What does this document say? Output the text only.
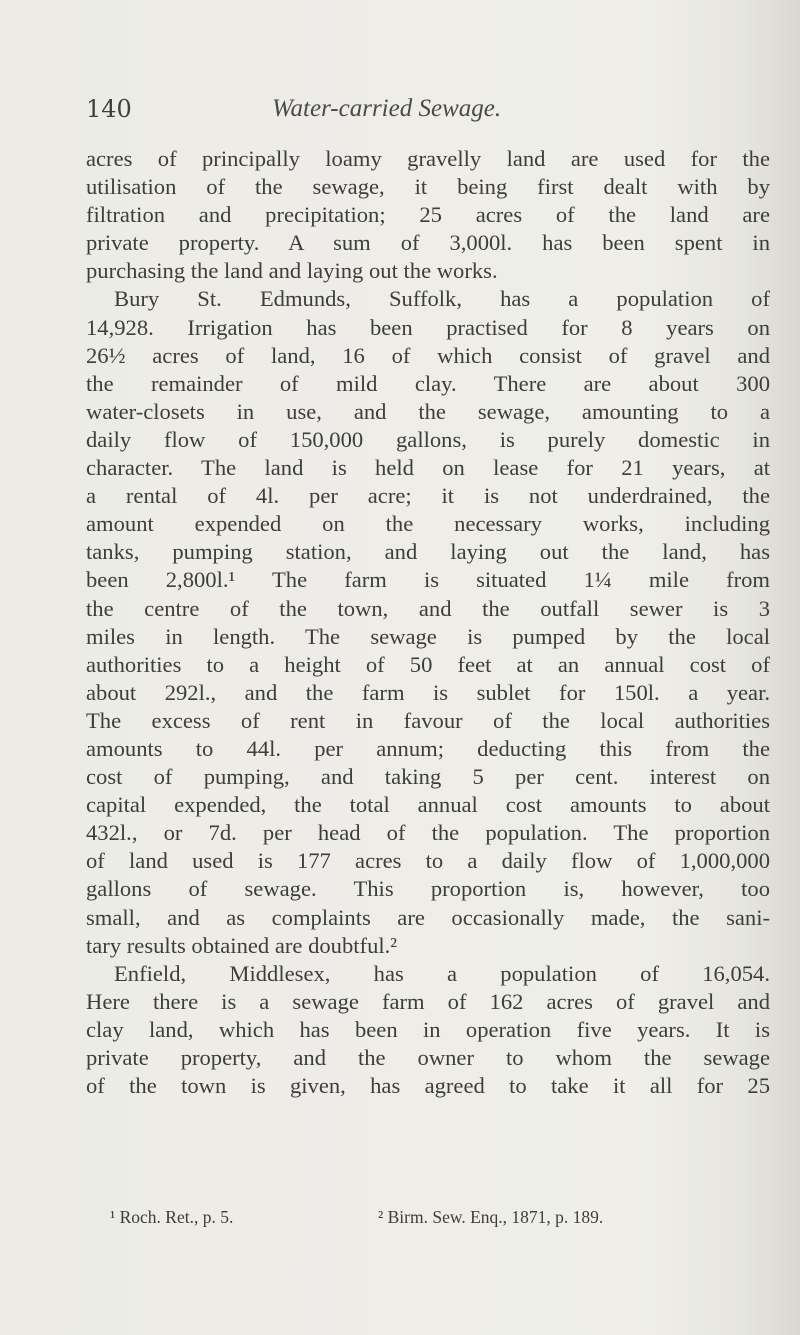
140	Water-carried Sewage.
acres of principally loamy gravelly land are used for the
utilisation of the sewage, it being first dealt with by
filtration and precipitation; 25 acres of the land are
private property. A sum of 3,000l. has been spent in
purchasing the land and laying out the works.
Bury St. Edmunds, Suffolk, has a population of
14,928. Irrigation has been practised for 8 years on
26½ acres of land, 16 of which consist of gravel and
the remainder of mild clay. There are about 300
water-closets in use, and the sewage, amounting to a
daily flow of 150,000 gallons, is purely domestic in
character. The land is held on lease for 21 years, at
a rental of 4l. per acre; it is not underdrained, the
amount expended on the necessary works, including
tanks, pumping station, and laying out the land, has
been 2,800l.¹ The farm is situated 1¼ mile from
the centre of the town, and the outfall sewer is 3
miles in length. The sewage is pumped by the local
authorities to a height of 50 feet at an annual cost of
about 292l., and the farm is sublet for 150l. a year.
The excess of rent in favour of the local authorities
amounts to 44l. per annum; deducting this from the
cost of pumping, and taking 5 per cent. interest on
capital expended, the total annual cost amounts to about
432l., or 7d. per head of the population. The proportion
of land used is 177 acres to a daily flow of 1,000,000
gallons of sewage. This proportion is, however, too
small, and as complaints are occasionally made, the sani-
tary results obtained are doubtful.²
Enfield, Middlesex, has a population of 16,054.
Here there is a sewage farm of 162 acres of gravel and
clay land, which has been in operation five years. It is
private property, and the owner to whom the sewage
of the town is given, has agreed to take it all for 25
¹ Roch. Ret., p. 5.	² Birm. Sew. Enq., 1871, p. 189.
